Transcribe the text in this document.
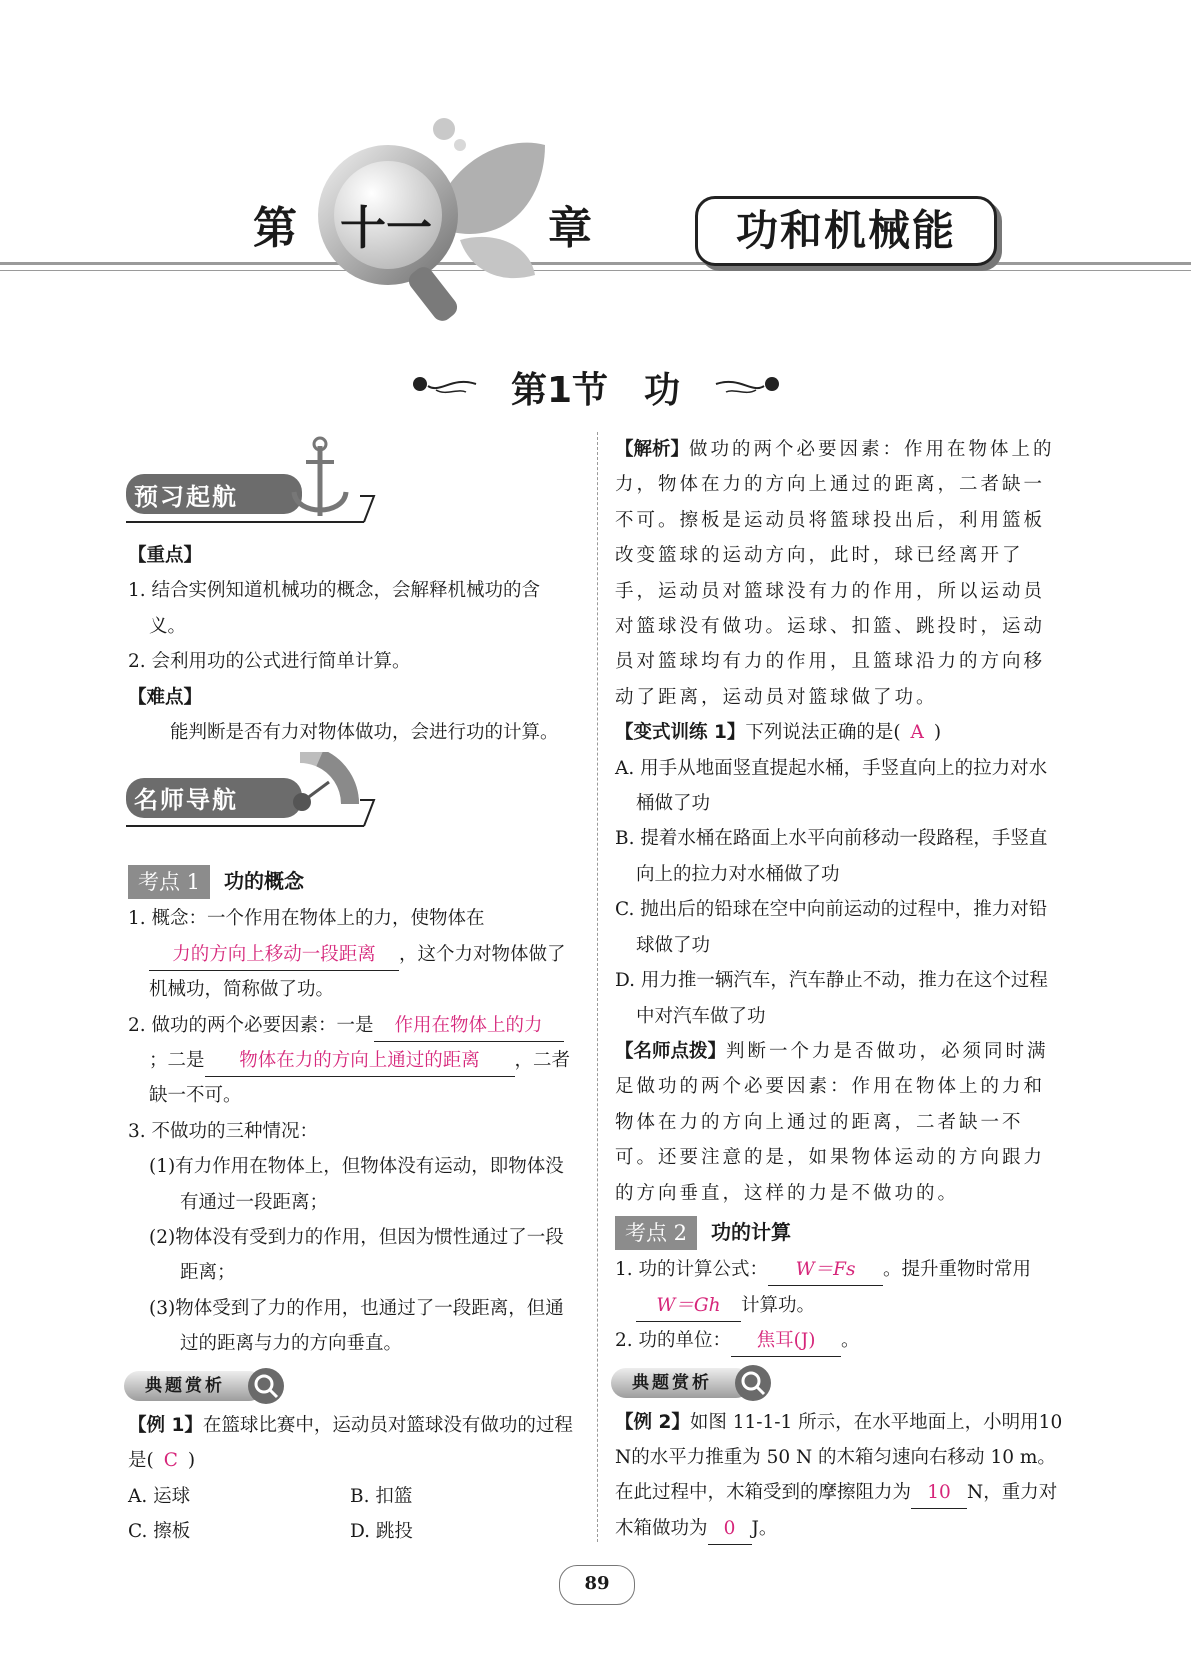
第 十一	章	功和机械能
第1节　功
预习起航
名师导航

【重点】

1. 结合实例知道机械功的概念，会解释机械功的含义。

2. 会利用功的公式进行简单计算。

【难点】

能判断是否有力对物体做功，会进行功的计算。

考点 1	功的概念

1. 概念：一个作用在物体上的力，使物体在力的方向上移动一段距离 ，这个力对物体做了机械功，简称做了功。

2. 做功的两个必要因素：一是 作用在物体上的力；二是 物体在力的方向上通过的距离 ，二者缺一不可。

3. 不做功的三种情况：

(1)有力作用在物体上，但物体没有运动，即物体没有通过一段距离；

(2)物体没有受到力的作用，但因为惯性通过了一段距离；

(3)物体受到了力的作用，也通过了一段距离，但通过的距离与力的方向垂直。

典题赏析

【例 1】在篮球比赛中，运动员对篮球没有做功的过程是( C )

A. 运球	B. 扣篮
C. 擦板	D. 跳投

【解析】做功的两个必要因素：作用在物体上的力，物体在力的方向上通过的距离，二者缺一不可。擦板是运动员将篮球投出后，利用篮板改变篮球的运动方向，此时，球已经离开了手，运动员对篮球没有力的作用，所以运动员对篮球没有做功。运球、扣篮、跳投时，运动员对篮球均有力的作用，且篮球沿力的方向移动了距离，运动员对篮球做了功。

【变式训练 1】下列说法正确的是( A )

A. 用手从地面竖直提起水桶，手竖直向上的拉力对水桶做了功

B. 提着水桶在路面上水平向前移动一段路程，手竖直向上的拉力对水桶做了功

C. 抛出后的铅球在空中向前运动的过程中，推力对铅球做了功

D. 用力推一辆汽车，汽车静止不动，推力在这个过程中对汽车做了功

【名师点拨】判断一个力是否做功，必须同时满足做功的两个必要因素：作用在物体上的力和物体在力的方向上通过的距离，二者缺一不可。还要注意的是，如果物体运动的方向跟力的方向垂直，这样的力是不做功的。

考点 2	功的计算

1. 功的计算公式： W＝Fs 。提升重物时常用W＝Gh 计算功。

2. 功的单位： 焦耳(J) 。

典题赏析

【例 2】如图 11-1-1 所示，在水平地面上，小明用10 N的水平力推重为 50 N 的木箱匀速向右移动 10 m。在此过程中，木箱受到的摩擦阻力为 10 N，重力对木箱做功为 0 J。

89
